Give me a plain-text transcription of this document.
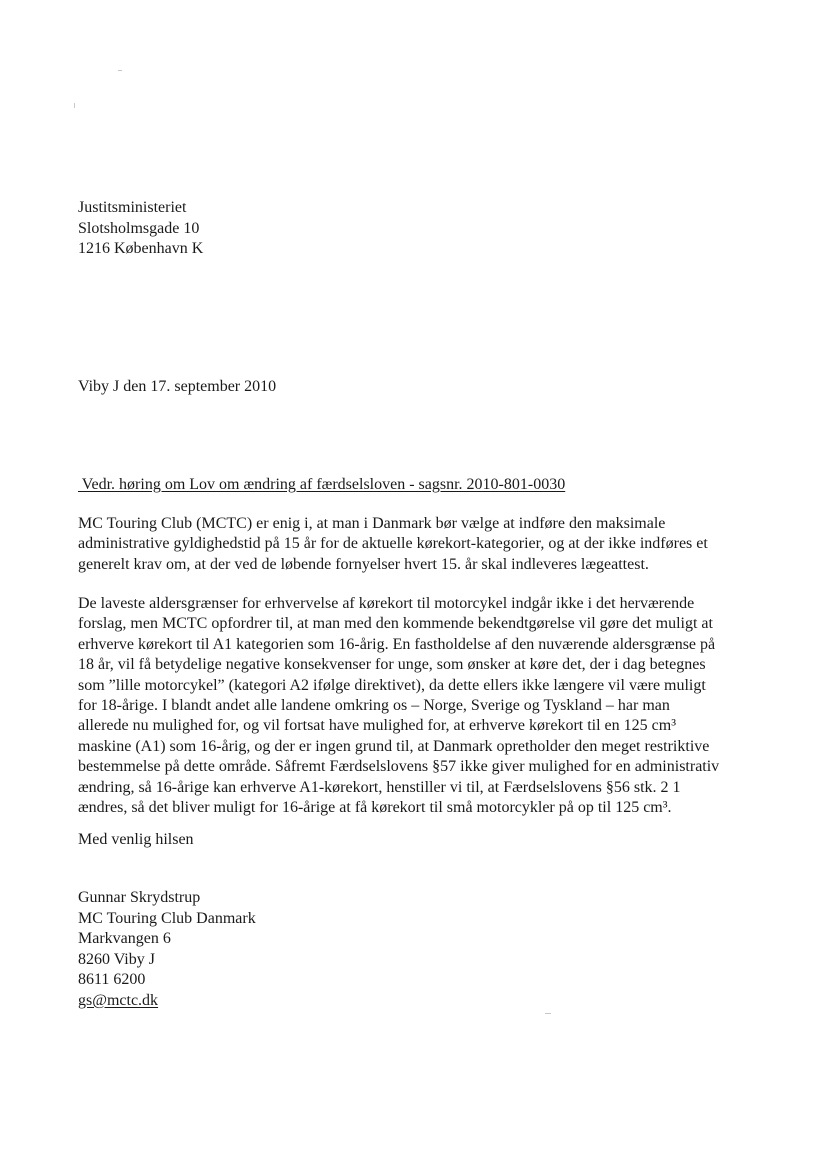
Justitsministeriet
Slotsholmsgade 10
1216 København K
Viby J den 17. september 2010
Vedr. høring om Lov om ændring af færdselsloven - sagsnr. 2010-801-0030
MC Touring Club (MCTC) er enig i, at man i Danmark bør vælge at indføre den maksimale
administrative gyldighedstid på 15 år for de aktuelle kørekort-kategorier, og at der ikke indføres et
generelt krav om, at der ved de løbende fornyelser hvert 15. år skal indleveres lægeattest.
De laveste aldersgrænser for erhvervelse af kørekort til motorcykel indgår ikke i det herværende
forslag, men MCTC opfordrer til, at man med den kommende bekendtgørelse vil gøre det muligt at
erhverve kørekort til A1 kategorien som 16-årig. En fastholdelse af den nuværende aldersgrænse på
18 år, vil få betydelige negative konsekvenser for unge, som ønsker at køre det, der i dag betegnes
som ”lille motorcykel” (kategori A2 ifølge direktivet), da dette ellers ikke længere vil være muligt
for 18-årige. I blandt andet alle landene omkring os – Norge, Sverige og Tyskland – har man
allerede nu mulighed for, og vil fortsat have mulighed for, at erhverve kørekort til en 125 cm³
maskine (A1) som 16-årig, og der er ingen grund til, at Danmark opretholder den meget restriktive
bestemmelse på dette område. Såfremt Færdselslovens §57 ikke giver mulighed for en administrativ
ændring, så 16-årige kan erhverve A1-kørekort, henstiller vi til, at Færdselslovens §56 stk. 2 1
ændres, så det bliver muligt for 16-årige at få kørekort til små motorcykler på op til 125 cm³.
Med venlig hilsen
Gunnar Skrydstrup
MC Touring Club Danmark
Markvangen 6
8260 Viby J
8611 6200
gs@mctc.dk
